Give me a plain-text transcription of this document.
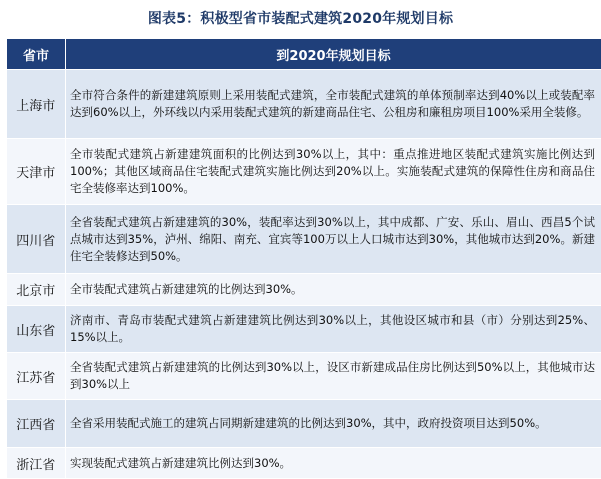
图表5：积极型省市装配式建筑2020年规划目标
省市	到2020年规划目标
上海市	全市符合条件的新建建筑原则上采用装配式建筑，全市装配式建筑的单体预制率达到40%以上或装配率达到60%以上，外环线以内采用装配式建筑的新建商品住宅、公租房和廉租房项目100%采用全装修。
天津市	全市装配式建筑占新建建筑面积的比例达到30%以上，其中：重点推进地区装配式建筑实施比例达到100%；其他区域商品住宅装配式建筑实施比例达到20%以上。实施装配式建筑的保障性住房和商品住宅全装修率达到100%。
四川省	全省装配式建筑占新建建筑的30%，装配率达到30%以上，其中成都、广安、乐山、眉山、西昌5个试点城市达到35%，泸州、绵阳、南充、宜宾等100万以上人口城市达到30%，其他城市达到20%。新建住宅全装修达到50%。
北京市	全市装配式建筑占新建建筑的比例达到30%。
山东省	济南市、青岛市装配式建筑占新建建筑比例达到30%以上，其他设区城市和县（市）分别达到25%、15%以上。
江苏省	全省装配式建筑占新建建筑的比例达到30%以上，设区市新建成品住房比例达到50%以上，其他城市达到30%以上
江西省	全省采用装配式施工的建筑占同期新建建筑的比例达到30%，其中，政府投资项目达到50%。
浙江省	实现装配式建筑占新建建筑比例达到30%。
